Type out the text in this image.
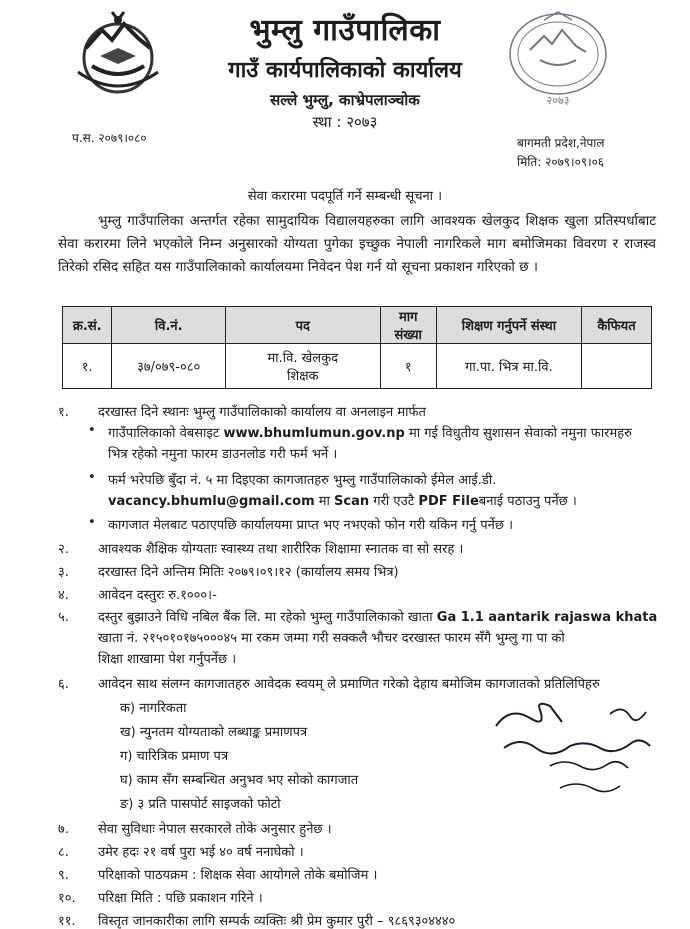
भुम्लु गाउँपालिका
गाउँ कार्यपालिकाको कार्यालय
सल्ले भुम्लु, काभ्रेपलाञ्चोक
स्था : २०७३
२०७३
प.स. २०७९।०८०	बागमती प्रदेश,नेपाल
मिति: २०७९।०९।०६
सेवा करारमा पदपूर्ति गर्ने सम्बन्धी सूचना ।
भुम्लु गाउँपालिका अन्तर्गत रहेका सामुदायिक विद्यालयहरुका लागि आवश्यक खेलकुद शिक्षक खुला प्रतिस्पर्धाबाट सेवा करारमा लिने भएकोले निम्न अनुसारको योग्यता पुगेका इच्छुक नेपाली नागरिकले माग बमोजिमका विवरण र राजस्व तिरेको रसिद सहित यस गाउँपालिकाको कार्यालयमा निवेदन पेश गर्न यो सूचना प्रकाशन गरिएको छ ।
क्र.सं.	वि.नं.	पद	माग संख्या	शिक्षण गर्नुपर्ने संस्था	कैफियत
१.	३७/०७९-०८०	मा.वि. खेलकुद
शिक्षक	१	गा.पा. भित्र मा.वि.	
१.	दरखास्त दिने स्थानः भुम्लु गाउँपालिकाको कार्यालय वा अनलाइन मार्फत
• गाउँपालिकाको वेबसाइट www.bhumlumun.gov.np मा गई विधुतीय सुशासन सेवाको नमुना फारमहरु
भित्र रहेको नमुना फारम डाउनलोड गरी फर्म भर्ने ।
• फर्म भरेपछि बुँदा नं. ५ मा दिइएका कागजातहरु भुम्लु गाउँपालिकाको ईमेल आई.डी.
vacancy.bhumlu@gmail.com मा Scan गरी एउटै PDF Fileबनाई पठाउनु पर्नेछ ।
• कागजात मेलबाट पठाएपछि कार्यालयमा प्राप्त भए नभएको फोन गरी यकिन गर्नु पर्नेछ ।
२.	आवश्यक शैक्षिक योग्यताः स्वास्थ्य तथा शारीरिक शिक्षामा स्नातक वा सो सरह ।
३.	दरखास्त दिने अन्तिम मितिः २०७९।०९।१२ (कार्यालय समय भित्र)
४.	आवेदन दस्तुरः रु.१०००।-
५.	दस्तुर बुझाउने विधि नबिल बैंक लि. मा रहेको भुम्लु गाउँपालिकाको खाता Ga 1.1 aantarik rajaswa khata
खाता नं. २१५०१०१७५०००४५ मा रकम जम्मा गरी सक्कलै भौचर दरखास्त फारम सँगै भुम्लु गा पा को
शिक्षा शाखामा पेश गर्नुपर्नेछ ।
६.	आवेदन साथ संलग्न कागजातहरु आवेदक स्वयम् ले प्रमाणित गरेको देहाय बमोजिम कागजातको प्रतिलिपिहरु
क) नागरिकता
ख) न्युनतम योग्यताको लब्धाङ्क प्रमाणपत्र
ग) चारित्रिक प्रमाण पत्र
घ) काम सँग सम्बन्धित अनुभव भए सोको कागजात
ङ) ३ प्रति पासपोर्ट साइजको फोटो
७.	सेवा सुविधाः नेपाल सरकारले तोके अनुसार हुनेछ ।
८.	उमेर हदः २१ वर्ष पुरा भई ४० वर्ष ननाघेको ।
९.	परिक्षाको पाठयक्रम : शिक्षक सेवा आयोगले तोके बमोजिम ।
१०.	परिक्षा मिति : पछि प्रकाशन गरिने ।
११.	विस्तृत जानकारीका लागि सम्पर्क व्यक्तिः श्री प्रेम कुमार पुरी – ९८६९३०४४४०
